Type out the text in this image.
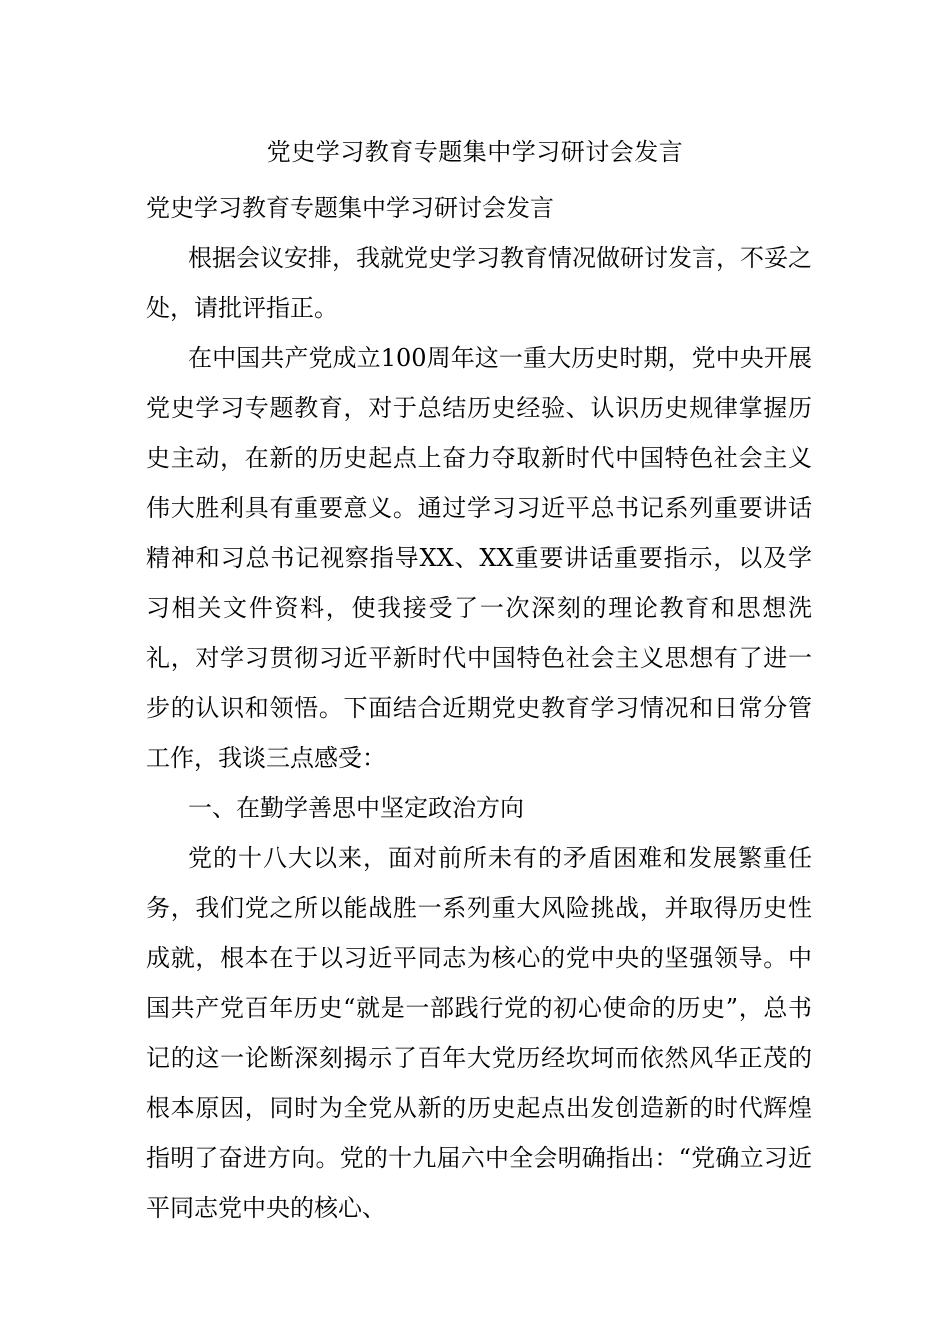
党史学习教育专题集中学习研讨会发言

党史学习教育专题集中学习研讨会发言

根据会议安排，我就党史学习教育情况做研讨发言，不妥之处，请批评指正。

在中国共产党成立100周年这一重大历史时期，党中央开展党史学习专题教育，对于总结历史经验、认识历史规律掌握历史主动，在新的历史起点上奋力夺取新时代中国特色社会主义伟大胜利具有重要意义。通过学习习近平总书记系列重要讲话精神和习总书记视察指导XX、XX重要讲话重要指示，以及学习相关文件资料，使我接受了一次深刻的理论教育和思想洗礼，对学习贯彻习近平新时代中国特色社会主义思想有了进一步的认识和领悟。下面结合近期党史教育学习情况和日常分管工作，我谈三点感受：

一、在勤学善思中坚定政治方向

党的十八大以来，面对前所未有的矛盾困难和发展繁重任务，我们党之所以能战胜一系列重大风险挑战，并取得历史性成就，根本在于以习近平同志为核心的党中央的坚强领导。中国共产党百年历史“就是一部践行党的初心使命的历史”，总书记的这一论断深刻揭示了百年大党历经坎坷而依然风华正茂的根本原因，同时为全党从新的历史起点出发创造新的时代辉煌指明了奋进方向。党的十九届六中全会明确指出：“党确立习近平同志党中央的核心、
